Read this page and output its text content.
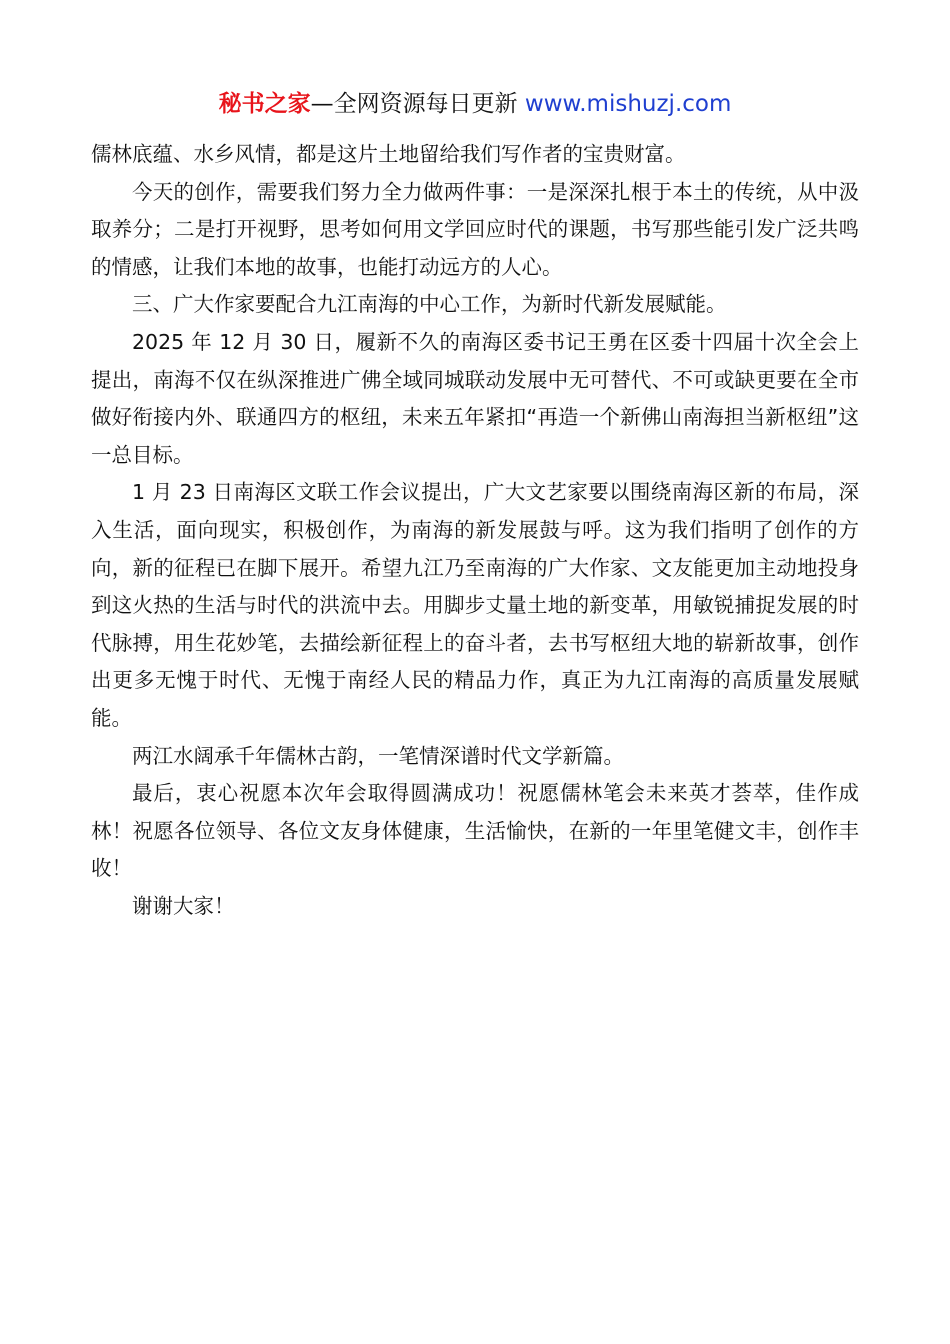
秘书之家—全网资源每日更新 www.mishuzj.com

儒林底蕴、水乡风情，都是这片土地留给我们写作者的宝贵财富。

今天的创作，需要我们努力全力做两件事：一是深深扎根于本土的传统，从中汲取养分；二是打开视野，思考如何用文学回应时代的课题，书写那些能引发广泛共鸣的情感，让我们本地的故事，也能打动远方的人心。

三、广大作家要配合九江南海的中心工作，为新时代新发展赋能。

2025 年 12 月 30 日，履新不久的南海区委书记王勇在区委十四届十次全会上提出，南海不仅在纵深推进广佛全域同城联动发展中无可替代、不可或缺更要在全市做好衔接内外、联通四方的枢纽，未来五年紧扣“再造一个新佛山南海担当新枢纽”这一总目标。

1 月 23 日南海区文联工作会议提出，广大文艺家要以围绕南海区新的布局，深入生活，面向现实，积极创作，为南海的新发展鼓与呼。这为我们指明了创作的方向，新的征程已在脚下展开。希望九江乃至南海的广大作家、文友能更加主动地投身到这火热的生活与时代的洪流中去。用脚步丈量土地的新变革，用敏锐捕捉发展的时代脉搏，用生花妙笔，去描绘新征程上的奋斗者，去书写枢纽大地的崭新故事，创作出更多无愧于时代、无愧于南经人民的精品力作，真正为九江南海的高质量发展赋能。

两江水阔承千年儒林古韵，一笔情深谱时代文学新篇。

最后，衷心祝愿本次年会取得圆满成功！祝愿儒林笔会未来英才荟萃，佳作成林！祝愿各位领导、各位文友身体健康，生活愉快，在新的一年里笔健文丰，创作丰收！

谢谢大家！
